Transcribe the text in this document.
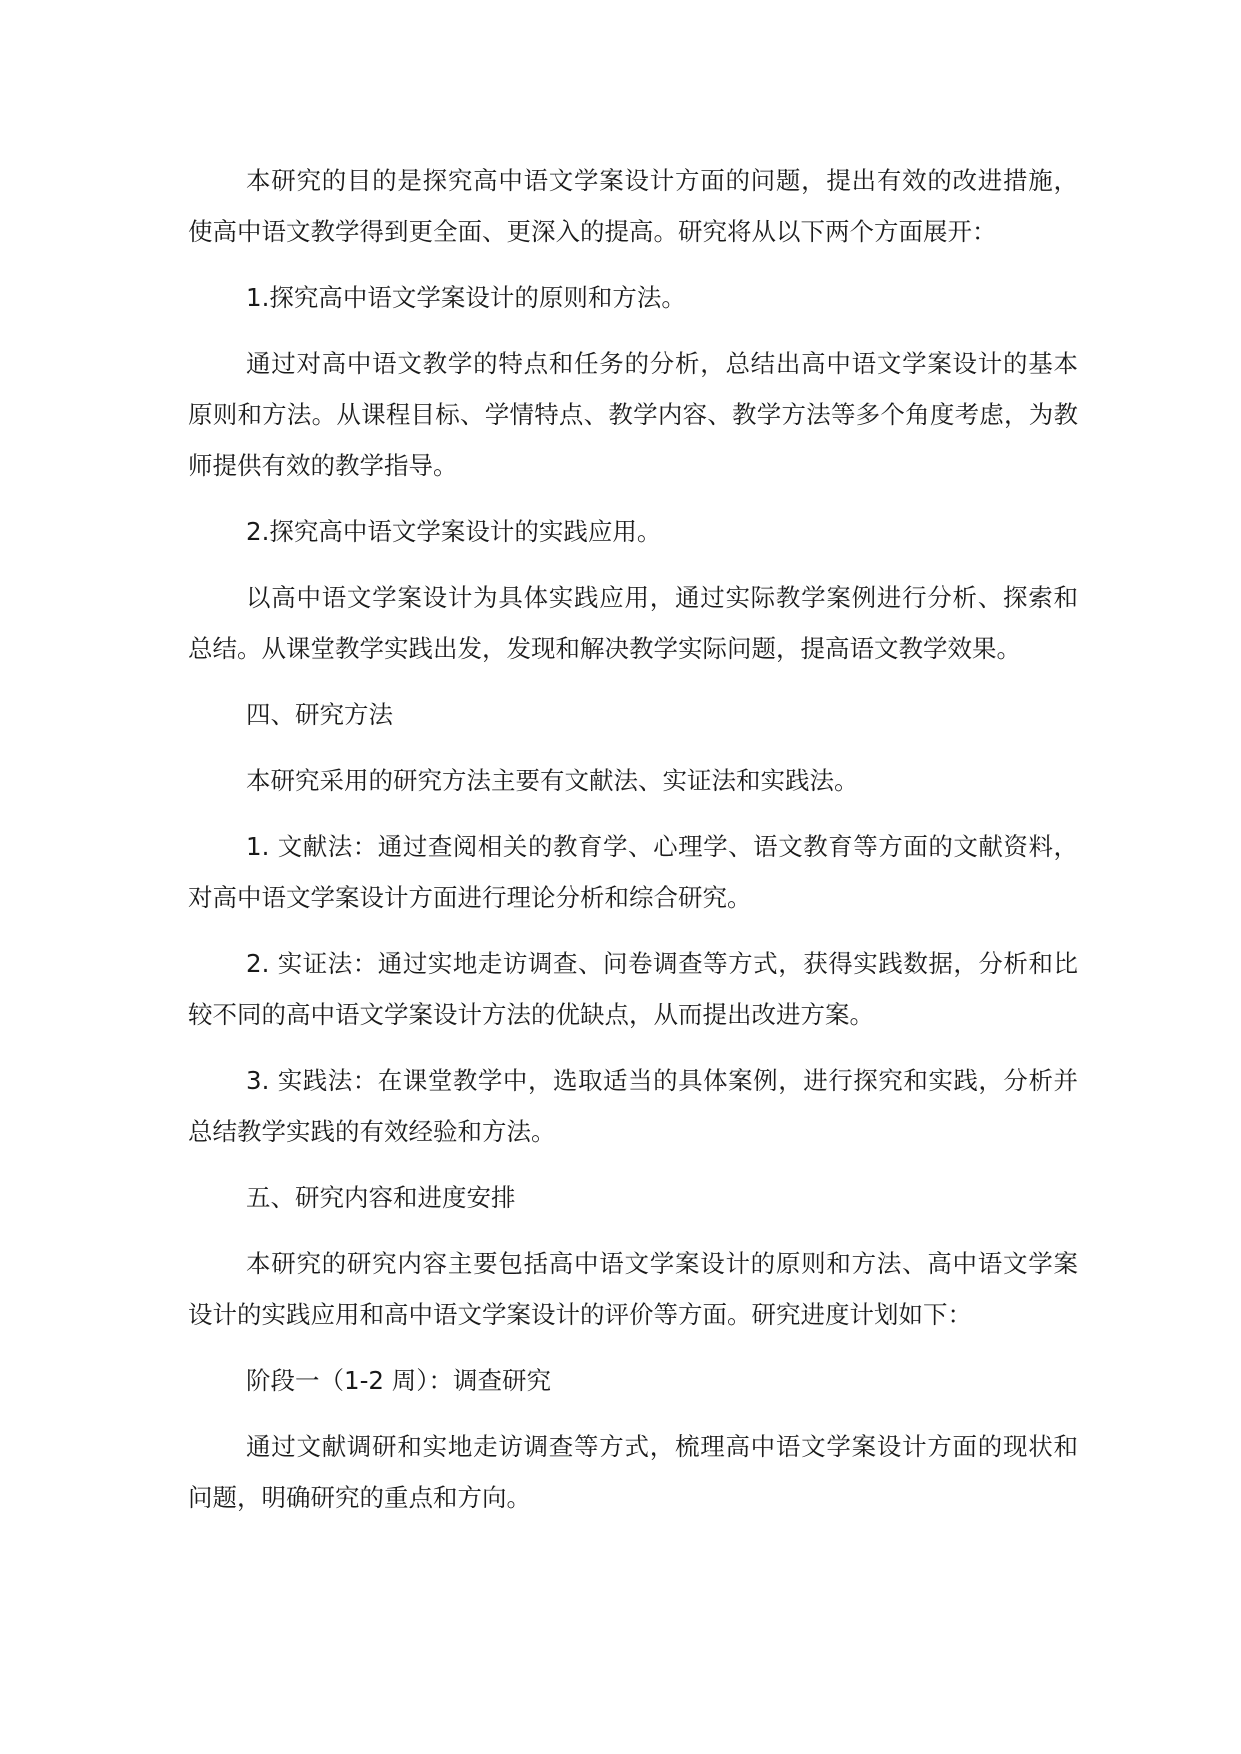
本研究的目的是探究高中语文学案设计方面的问题，提出有效的改进措施，使高中语文教学得到更全面、更深入的提高。研究将从以下两个方面展开：

1.探究高中语文学案设计的原则和方法。

通过对高中语文教学的特点和任务的分析，总结出高中语文学案设计的基本原则和方法。从课程目标、学情特点、教学内容、教学方法等多个角度考虑，为教师提供有效的教学指导。

2.探究高中语文学案设计的实践应用。

以高中语文学案设计为具体实践应用，通过实际教学案例进行分析、探索和总结。从课堂教学实践出发，发现和解决教学实际问题，提高语文教学效果。

四、研究方法

本研究采用的研究方法主要有文献法、实证法和实践法。

1. 文献法：通过查阅相关的教育学、心理学、语文教育等方面的文献资料，对高中语文学案设计方面进行理论分析和综合研究。

2. 实证法：通过实地走访调查、问卷调查等方式，获得实践数据，分析和比较不同的高中语文学案设计方法的优缺点，从而提出改进方案。

3. 实践法：在课堂教学中，选取适当的具体案例，进行探究和实践，分析并总结教学实践的有效经验和方法。

五、研究内容和进度安排

本研究的研究内容主要包括高中语文学案设计的原则和方法、高中语文学案设计的实践应用和高中语文学案设计的评价等方面。研究进度计划如下：

阶段一（1-2 周）：调查研究

通过文献调研和实地走访调查等方式，梳理高中语文学案设计方面的现状和问题，明确研究的重点和方向。
